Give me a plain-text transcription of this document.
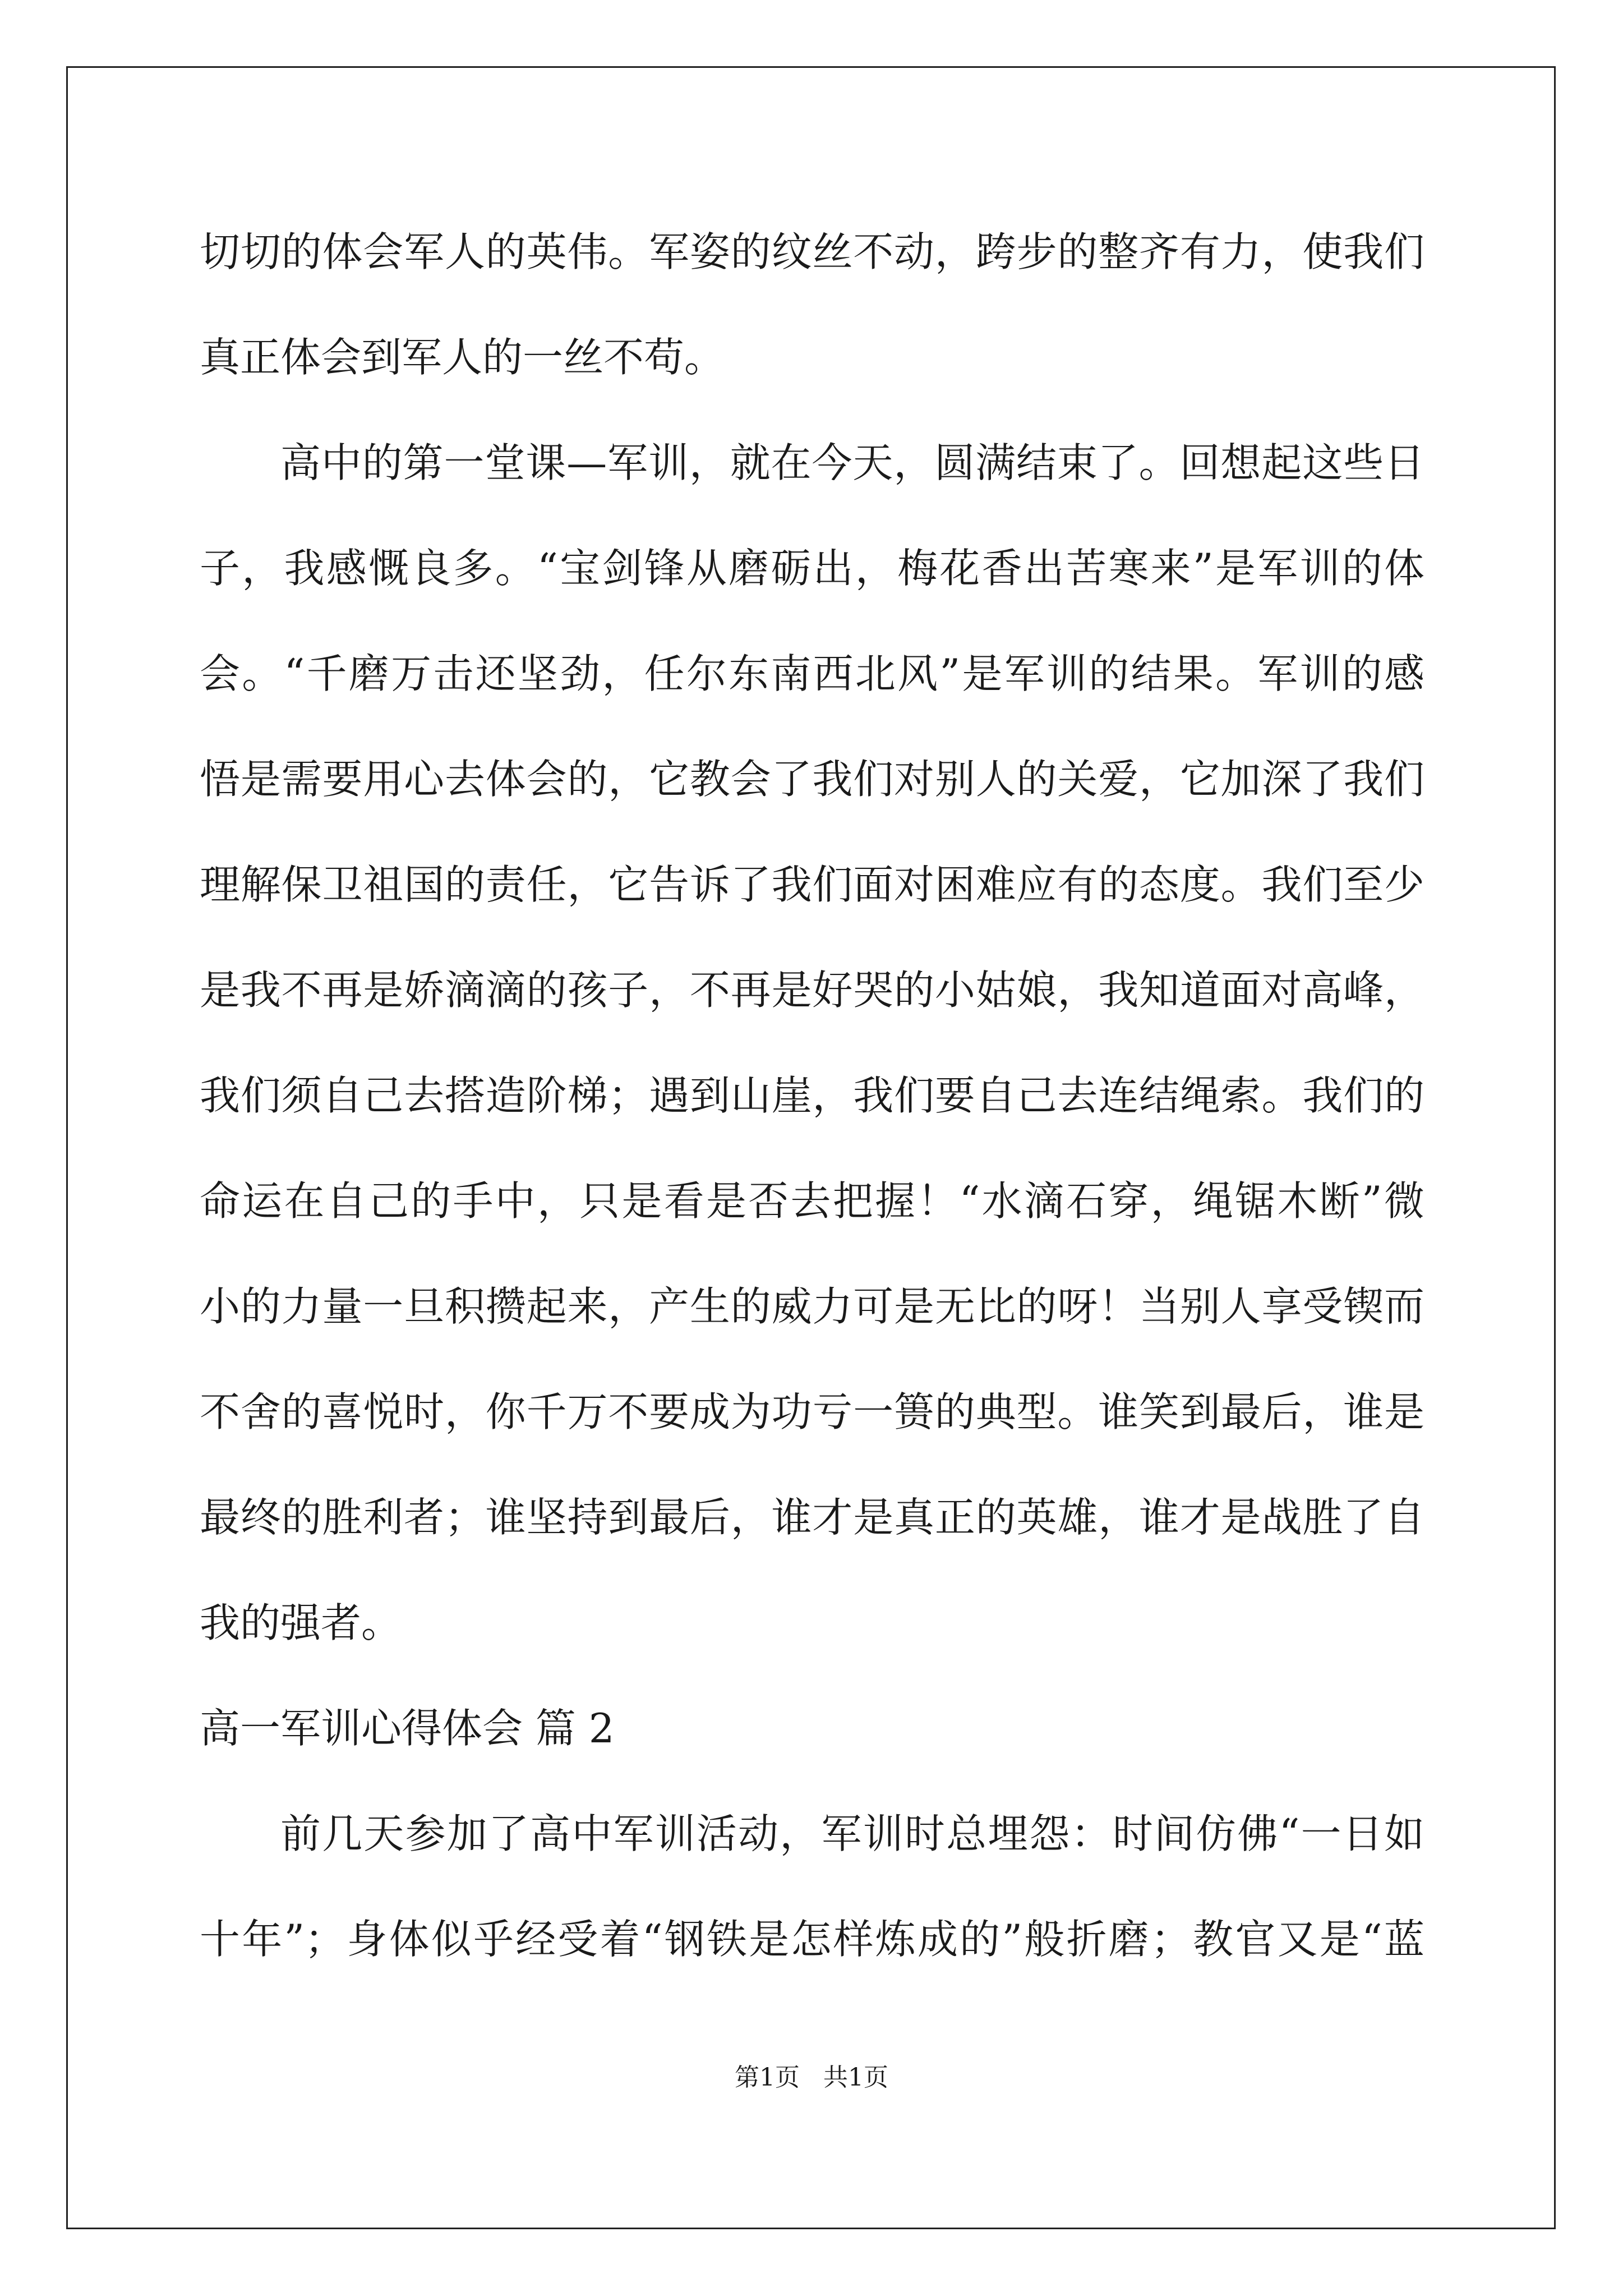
切切的体会军人的英伟。军姿的纹丝不动，跨步的整齐有力，使我们
真正体会到军人的一丝不苟。
高中的第一堂课—军训，就在今天，圆满结束了。回想起这些日
子，我感慨良多。“宝剑锋从磨砺出，梅花香出苦寒来”是军训的体
会。“千磨万击还坚劲，任尔东南西北风”是军训的结果。军训的感
悟是需要用心去体会的，它教会了我们对别人的关爱，它加深了我们
理解保卫祖国的责任，它告诉了我们面对困难应有的态度。我们至少
是我不再是娇滴滴的孩子，不再是好哭的小姑娘，我知道面对高峰，
我们须自己去搭造阶梯；遇到山崖，我们要自己去连结绳索。我们的
命运在自己的手中，只是看是否去把握！“水滴石穿，绳锯木断”微
小的力量一旦积攒起来，产生的威力可是无比的呀！当别人享受锲而
不舍的喜悦时，你千万不要成为功亏一篑的典型。谁笑到最后，谁是
最终的胜利者；谁坚持到最后，谁才是真正的英雄，谁才是战胜了自
我的强者。
高一军训心得体会 篇 2
前几天参加了高中军训活动，军训时总埋怨：时间仿佛“一日如
十年”；身体似乎经受着“钢铁是怎样炼成的”般折磨；教官又是“蓝
第1页 共1页
